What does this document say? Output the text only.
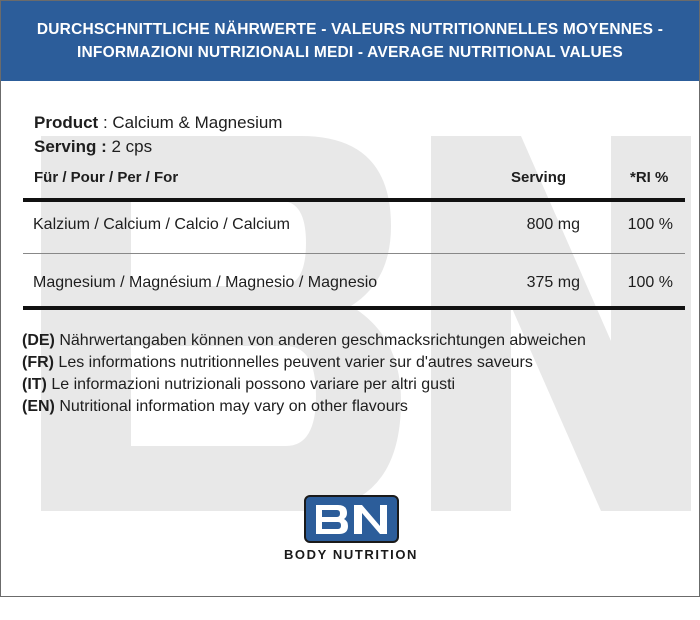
DURCHSCHNITTLICHE NÄHRWERTE - VALEURS NUTRITIONNELLES MOYENNES -
INFORMAZIONI NUTRIZIONALI MEDI - AVERAGE NUTRITIONAL VALUES
Product : Calcium & Magnesium
Serving : 2 cps
Für / Pour / Per / For	Serving	*RI %
Kalzium / Calcium / Calcio / Calcium	800 mg	100 %
Magnesium / Magnésium / Magnesio / Magnesio	375 mg	100 %
(DE) Nährwertangaben können von anderen geschmacksrichtungen abweichen
(FR) Les informations nutritionnelles peuvent varier sur d'autres saveurs
(IT) Le informazioni nutrizionali possono variare per altri gusti
(EN) Nutritional information may vary on other flavours
BODY NUTRITION
